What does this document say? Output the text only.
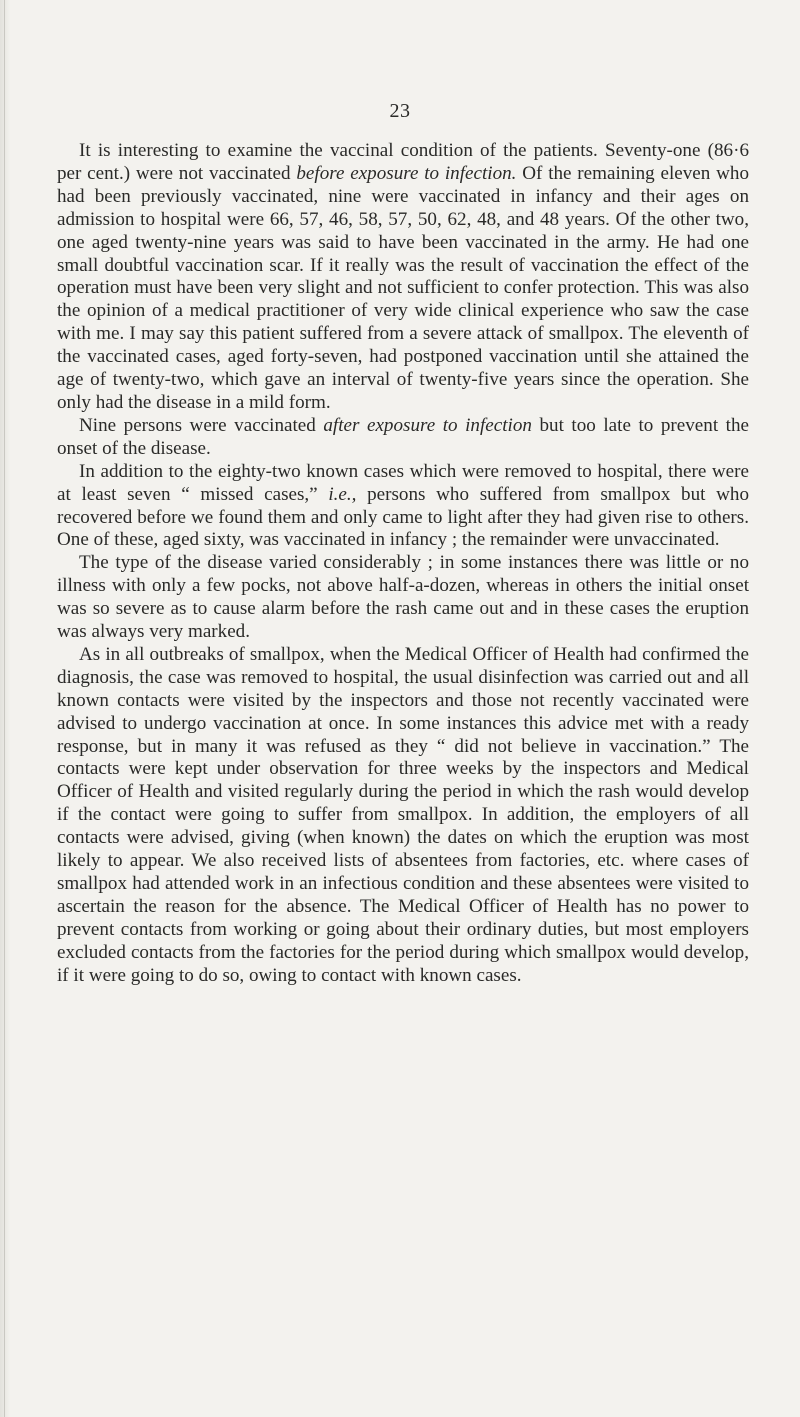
23

It is interesting to examine the vaccinal condition of the patients. Seventy-one (86·6 per cent.) were not vaccinated before exposure to infection. Of the remaining eleven who had been previously vaccinated, nine were vaccinated in infancy and their ages on admission to hospital were 66, 57, 46, 58, 57, 50, 62, 48, and 48 years. Of the other two, one aged twenty-nine years was said to have been vaccinated in the army. He had one small doubtful vaccination scar. If it really was the result of vaccination the effect of the operation must have been very slight and not sufficient to confer protection. This was also the opinion of a medical practitioner of very wide clinical experience who saw the case with me. I may say this patient suffered from a severe attack of smallpox. The eleventh of the vaccinated cases, aged forty-seven, had postponed vaccination until she attained the age of twenty-two, which gave an interval of twenty-five years since the operation. She only had the disease in a mild form.

Nine persons were vaccinated after exposure to infection but too late to prevent the onset of the disease.

In addition to the eighty-two known cases which were removed to hospital, there were at least seven “ missed cases,” i.e., persons who suffered from smallpox but who recovered before we found them and only came to light after they had given rise to others. One of these, aged sixty, was vaccinated in infancy ; the remainder were unvaccinated.

The type of the disease varied considerably ; in some instances there was little or no illness with only a few pocks, not above half-a-dozen, whereas in others the initial onset was so severe as to cause alarm before the rash came out and in these cases the eruption was always very marked.

As in all outbreaks of smallpox, when the Medical Officer of Health had confirmed the diagnosis, the case was removed to hospital, the usual disinfection was carried out and all known contacts were visited by the inspectors and those not recently vaccinated were advised to undergo vaccination at once. In some instances this advice met with a ready response, but in many it was refused as they “ did not believe in vaccination.” The contacts were kept under observation for three weeks by the inspectors and Medical Officer of Health and visited regularly during the period in which the rash would develop if the contact were going to suffer from smallpox. In addition, the employers of all contacts were advised, giving (when known) the dates on which the eruption was most likely to appear. We also received lists of absentees from factories, etc. where cases of smallpox had attended work in an infectious condition and these absentees were visited to ascertain the reason for the absence. The Medical Officer of Health has no power to prevent contacts from working or going about their ordinary duties, but most employers excluded contacts from the factories for the period during which smallpox would develop, if it were going to do so, owing to contact with known cases.
